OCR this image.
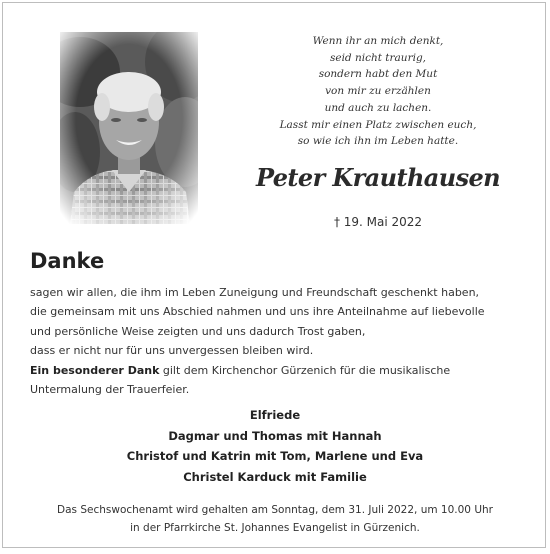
Wenn ihr an mich denkt,
seid nicht traurig,
sondern habt den Mut
von mir zu erzählen
und auch zu lachen.
Lasst mir einen Platz zwischen euch,
so wie ich ihn im Leben hatte.
Peter Krauthausen
† 19. Mai 2022
Danke
sagen wir allen, die ihm im Leben Zuneigung und Freundschaft geschenkt haben,
die gemeinsam mit uns Abschied nahmen und uns ihre Anteilnahme auf liebevolle
und persönliche Weise zeigten und uns dadurch Trost gaben,
dass er nicht nur für uns unvergessen bleiben wird.
Ein besonderer Dank gilt dem Kirchenchor Gürzenich für die musikalische
Untermalung der Trauerfeier.
Elfriede
Dagmar und Thomas mit Hannah
Christof und Katrin mit Tom, Marlene und Eva
Christel Karduck mit Familie
Das Sechswochenamt wird gehalten am Sonntag, dem 31. Juli 2022, um 10.00 Uhr
in der Pfarrkirche St. Johannes Evangelist in Gürzenich.
